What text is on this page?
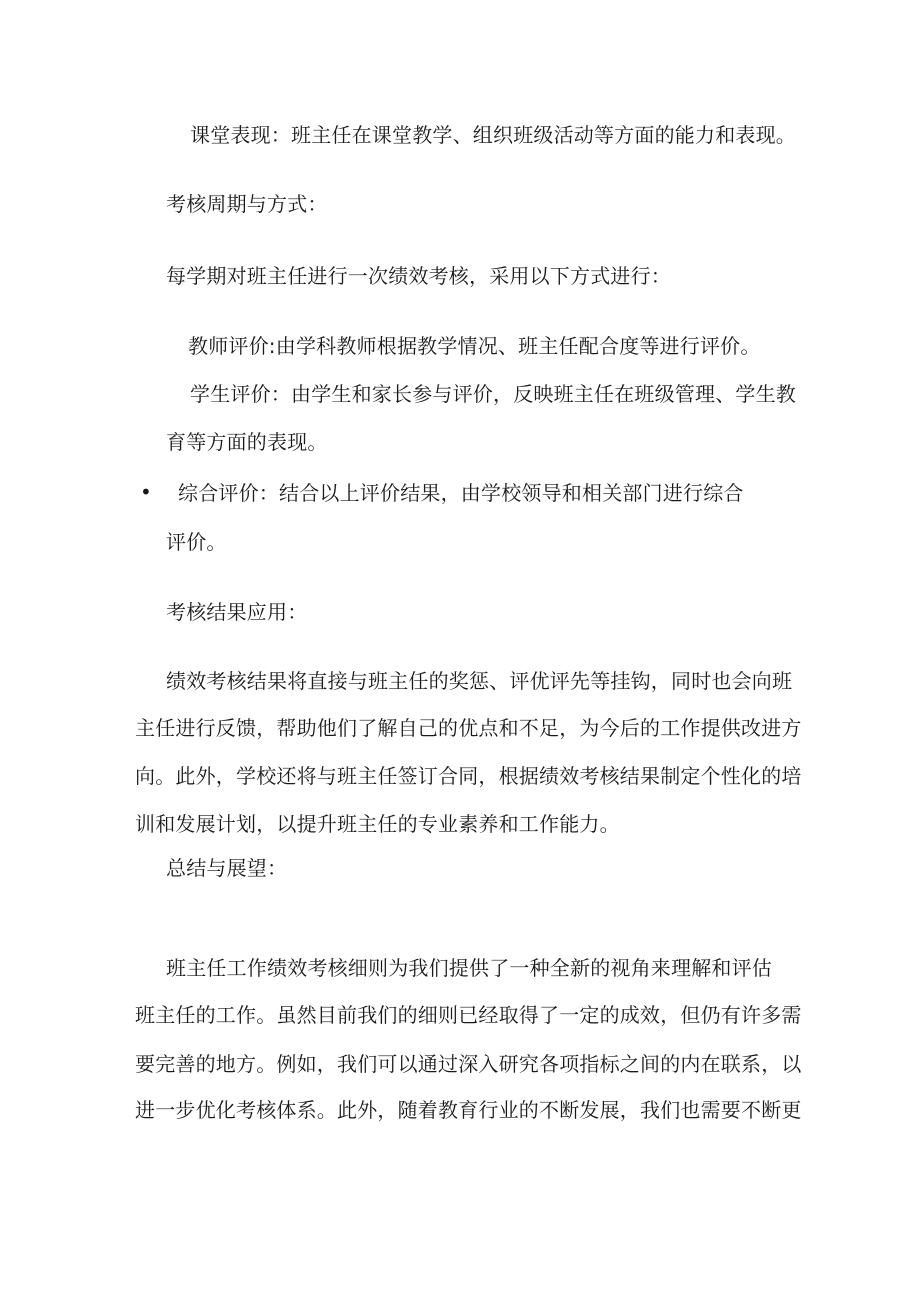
课堂表现：班主任在课堂教学、组织班级活动等方面的能力和表现。
考核周期与方式：
每学期对班主任进行一次绩效考核，采用以下方式进行：
教师评价:由学科教师根据教学情况、班主任配合度等进行评价。
学生评价：由学生和家长参与评价，反映班主任在班级管理、学生教
育等方面的表现。
• 综合评价：结合以上评价结果，由学校领导和相关部门进行综合
评价。
考核结果应用：
绩效考核结果将直接与班主任的奖惩、评优评先等挂钩，同时也会向班
主任进行反馈，帮助他们了解自己的优点和不足，为今后的工作提供改进方
向。此外，学校还将与班主任签订合同，根据绩效考核结果制定个性化的培
训和发展计划，以提升班主任的专业素养和工作能力。
总结与展望：
班主任工作绩效考核细则为我们提供了一种全新的视角来理解和评估
班主任的工作。虽然目前我们的细则已经取得了一定的成效，但仍有许多需
要完善的地方。例如，我们可以通过深入研究各项指标之间的内在联系，以
进一步优化考核体系。此外，随着教育行业的不断发展，我们也需要不断更
